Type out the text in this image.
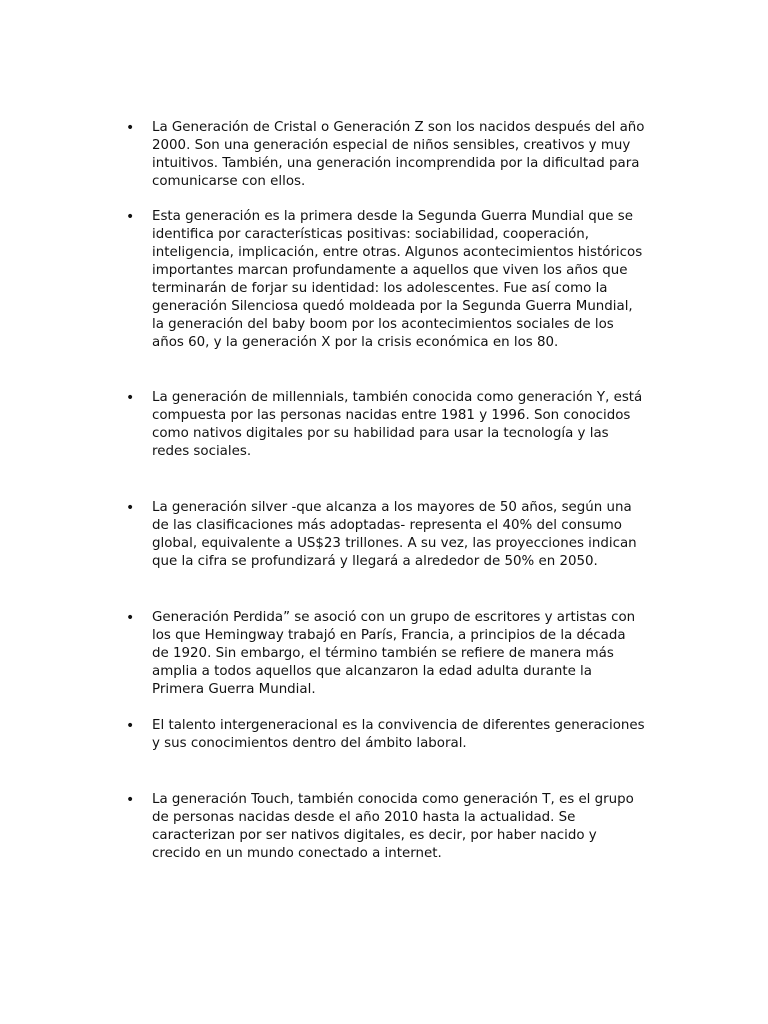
• La Generación de Cristal o Generación Z son los nacidos después del año
2000. Son una generación especial de niños sensibles, creativos y muy
intuitivos. También, una generación incomprendida por la dificultad para
comunicarse con ellos.
• Esta generación es la primera desde la Segunda Guerra Mundial que se
identifica por características positivas: sociabilidad, cooperación,
inteligencia, implicación, entre otras. Algunos acontecimientos históricos
importantes marcan profundamente a aquellos que viven los años que
terminarán de forjar su identidad: los adolescentes. Fue así como la
generación Silenciosa quedó moldeada por la Segunda Guerra Mundial,
la generación del baby boom por los acontecimientos sociales de los
años 60, y la generación X por la crisis económica en los 80.
• La generación de millennials, también conocida como generación Y, está
compuesta por las personas nacidas entre 1981 y 1996. Son conocidos
como nativos digitales por su habilidad para usar la tecnología y las
redes sociales.
• La generación silver -que alcanza a los mayores de 50 años, según una
de las clasificaciones más adoptadas- representa el 40% del consumo
global, equivalente a US$23 trillones. A su vez, las proyecciones indican
que la cifra se profundizará y llegará a alrededor de 50% en 2050.
• Generación Perdida” se asoció con un grupo de escritores y artistas con
los que Hemingway trabajó en París, Francia, a principios de la década
de 1920. Sin embargo, el término también se refiere de manera más
amplia a todos aquellos que alcanzaron la edad adulta durante la
Primera Guerra Mundial.
• El talento intergeneracional es la convivencia de diferentes generaciones
y sus conocimientos dentro del ámbito laboral.
• La generación Touch, también conocida como generación T, es el grupo
de personas nacidas desde el año 2010 hasta la actualidad. Se
caracterizan por ser nativos digitales, es decir, por haber nacido y
crecido en un mundo conectado a internet.
